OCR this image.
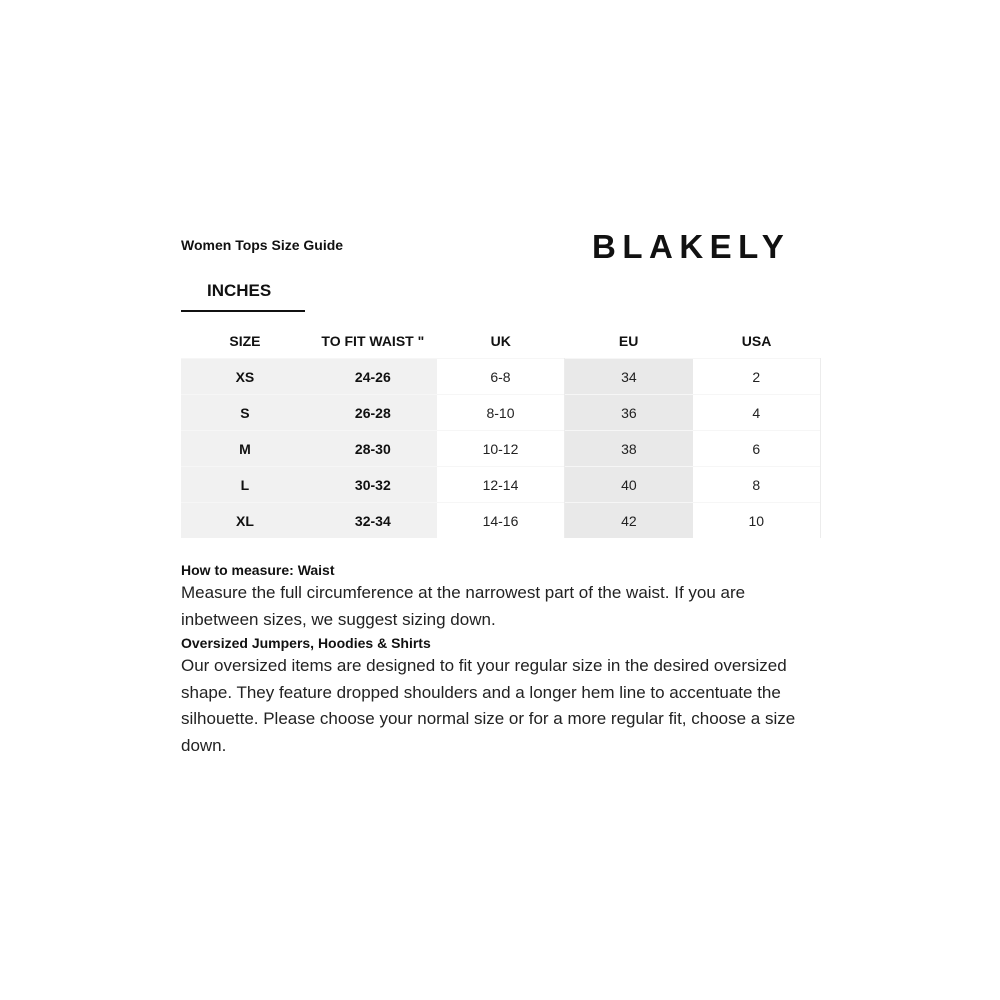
Women Tops Size Guide	BLAKELY
INCHES
SIZE	TO FIT WAIST "	UK	EU	USA
XS	24-26	6-8	34	2
S	26-28	8-10	36	4
M	28-30	10-12	38	6
L	30-32	12-14	40	8
XL	32-34	14-16	42	10
How to measure: Waist

Measure the full circumference at the narrowest part of the waist. If you are inbetween sizes, we suggest sizing down.

Oversized Jumpers, Hoodies & Shirts

Our oversized items are designed to fit your regular size in the desired oversized shape. They feature dropped shoulders and a longer hem line to accentuate the silhouette. Please choose your normal size or for a more regular fit, choose a size down.
